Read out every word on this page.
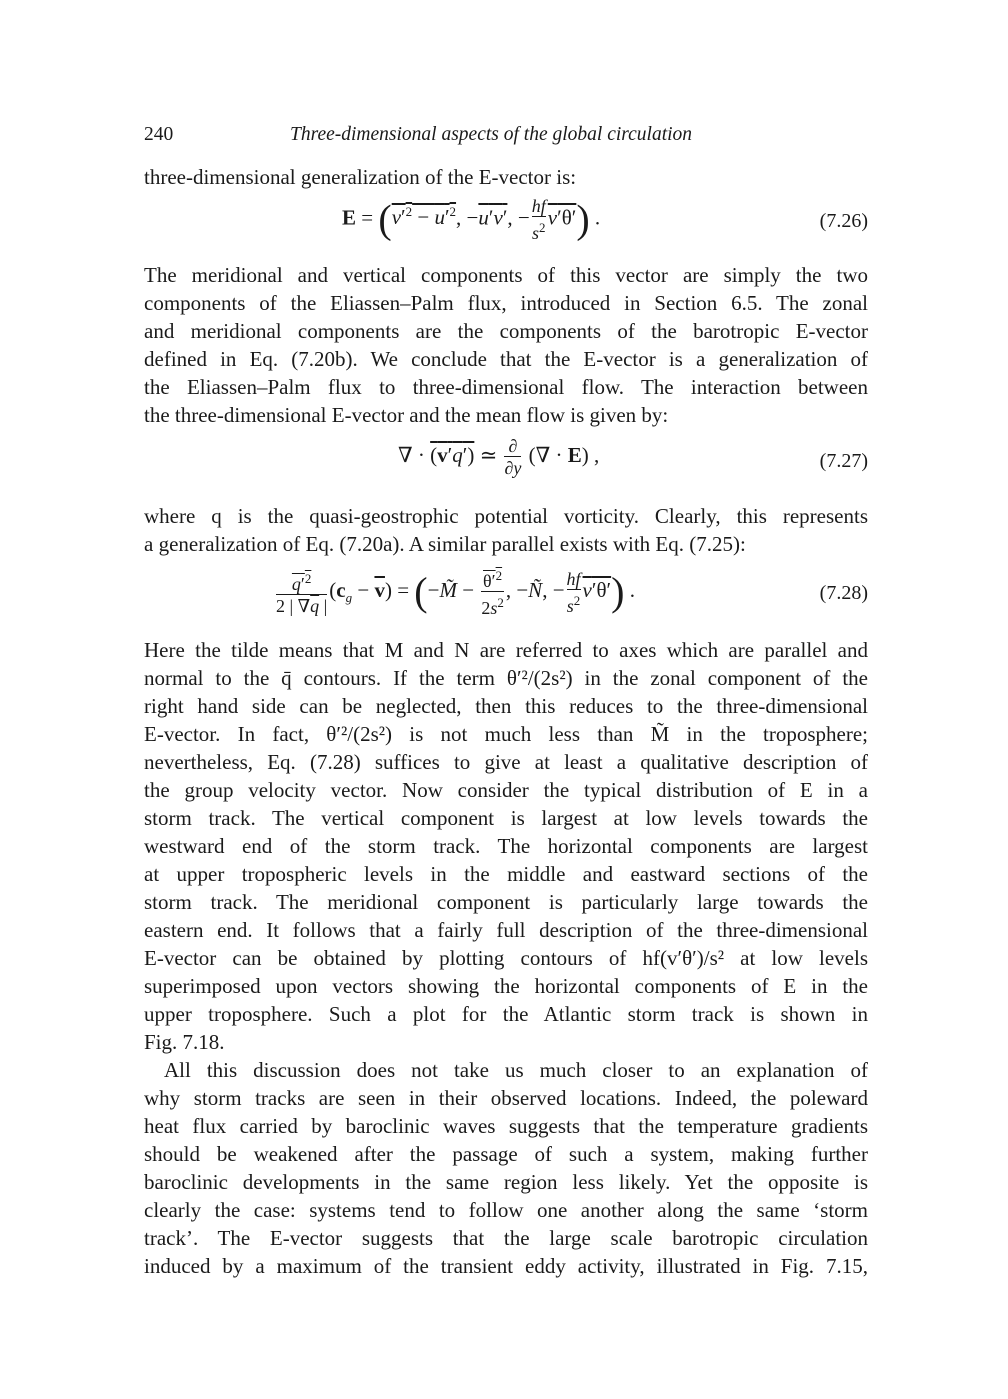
240	Three-dimensional aspects of the global circulation
three-dimensional generalization of the E-vector is:
$E = (v'^2 - u'^2$, −u′v′, − $\frac{hf}{s^2} v'\theta'$) .	(7.26)
The meridional and vertical components of this vector are simply the two
components of the Eliassen–Palm flux, introduced in Section 6.5. The zonal
and meridional components are the components of the barotropic E-vector
defined in Eq. (7.20b). We conclude that the E-vector is a generalization of
the Eliassen–Palm flux to three-dimensional flow. The interaction between
the three-dimensional E-vector and the mean flow is given by:
∇ · (v′q′) ≃ $\frac{\partial}{\partial y}$ (∇ · E) ,	(7.27)
where q is the quasi-geostrophic potential vorticity. Clearly, this represents
a generalization of Eq. (7.20a). A similar parallel exists with Eq. (7.25):
$\frac{q'^2}{2 | \nabla\overline{q} |} (c_g - \overline{v})$ = (−M̃ − $\frac{\theta'^2}{2s^2}$ , −Ñ, − $\frac{hf}{s^2} v'\theta'$) .	(7.28)
Here the tilde means that M and N are referred to axes which are parallel and
normal to the q̄ contours. If the term θ′²/(2s²) in the zonal component of the
right hand side can be neglected, then this reduces to the three-dimensional
E-vector. In fact, θ′²/(2s²) is not much less than M̃ in the troposphere;
nevertheless, Eq. (7.28) suffices to give at least a qualitative description of
the group velocity vector. Now consider the typical distribution of E in a
storm track. The vertical component is largest at low levels towards the
westward end of the storm track. The horizontal components are largest
at upper tropospheric levels in the middle and eastward sections of the
storm track. The meridional component is particularly large towards the
eastern end. It follows that a fairly full description of the three-dimensional
E-vector can be obtained by plotting contours of hf(v′θ′)/s² at low levels
superimposed upon vectors showing the horizontal components of E in the
upper troposphere. Such a plot for the Atlantic storm track is shown in
Fig. 7.18.
All this discussion does not take us much closer to an explanation of
why storm tracks are seen in their observed locations. Indeed, the poleward
heat flux carried by baroclinic waves suggests that the temperature gradients
should be weakened after the passage of such a system, making further
baroclinic developments in the same region less likely. Yet the opposite is
clearly the case: systems tend to follow one another along the same ‘storm
track’. The E-vector suggests that the large scale barotropic circulation
induced by a maximum of the transient eddy activity, illustrated in Fig. 7.15,
